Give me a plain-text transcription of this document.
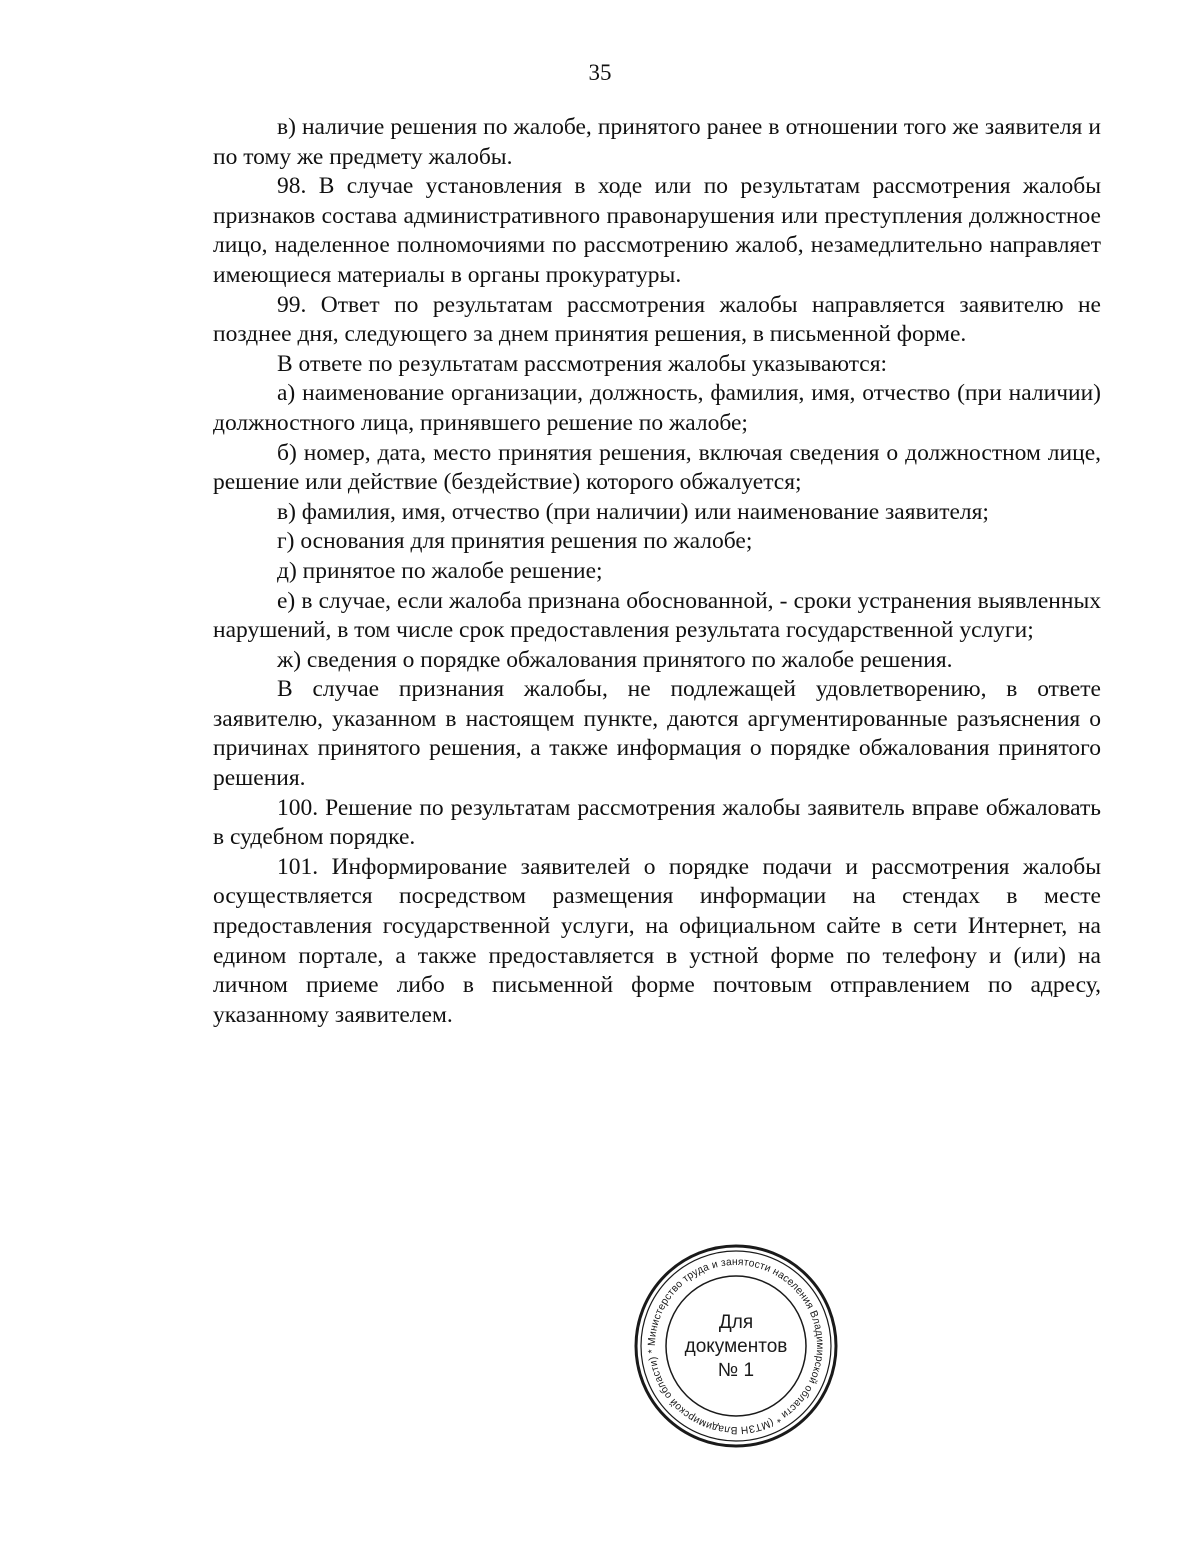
35

в) наличие решения по жалобе, принятого ранее в отношении того же заявителя и по тому же предмету жалобы.

98. В случае установления в ходе или по результатам рассмотрения жалобы признаков состава административного правонарушения или преступления должностное лицо, наделенное полномочиями по рассмотрению жалоб, незамедлительно направляет имеющиеся материалы в органы прокуратуры.

99. Ответ по результатам рассмотрения жалобы направляется заявителю не позднее дня, следующего за днем принятия решения, в письменной форме.

В ответе по результатам рассмотрения жалобы указываются:

а) наименование организации, должность, фамилия, имя, отчество (при наличии) должностного лица, принявшего решение по жалобе;

б) номер, дата, место принятия решения, включая сведения о должностном лице, решение или действие (бездействие) которого обжалуется;

в) фамилия, имя, отчество (при наличии) или наименование заявителя;

г) основания для принятия решения по жалобе;

д) принятое по жалобе решение;

е) в случае, если жалоба признана обоснованной, - сроки устранения выявленных нарушений, в том числе срок предоставления результата государственной услуги;

ж) сведения о порядке обжалования принятого по жалобе решения.

В случае признания жалобы, не подлежащей удовлетворению, в ответе заявителю, указанном в настоящем пункте, даются аргументированные разъяснения о причинах принятого решения, а также информация о порядке обжалования принятого решения.

100. Решение по результатам рассмотрения жалобы заявитель вправе обжаловать в судебном порядке.

101. Информирование заявителей о порядке подачи и рассмотрения жалобы осуществляется посредством размещения информации на стендах в месте предоставления государственной услуги, на официальном сайте в сети Интернет, на едином портале, а также предоставляется в устной форме по телефону и (или) на личном приеме либо в письменной форме почтовым отправлением по адресу, указанному заявителем.

Министерство труда и занятости населения Владимирской области * (МТЗН Владимирской области) *
Для
документов
№ 1
